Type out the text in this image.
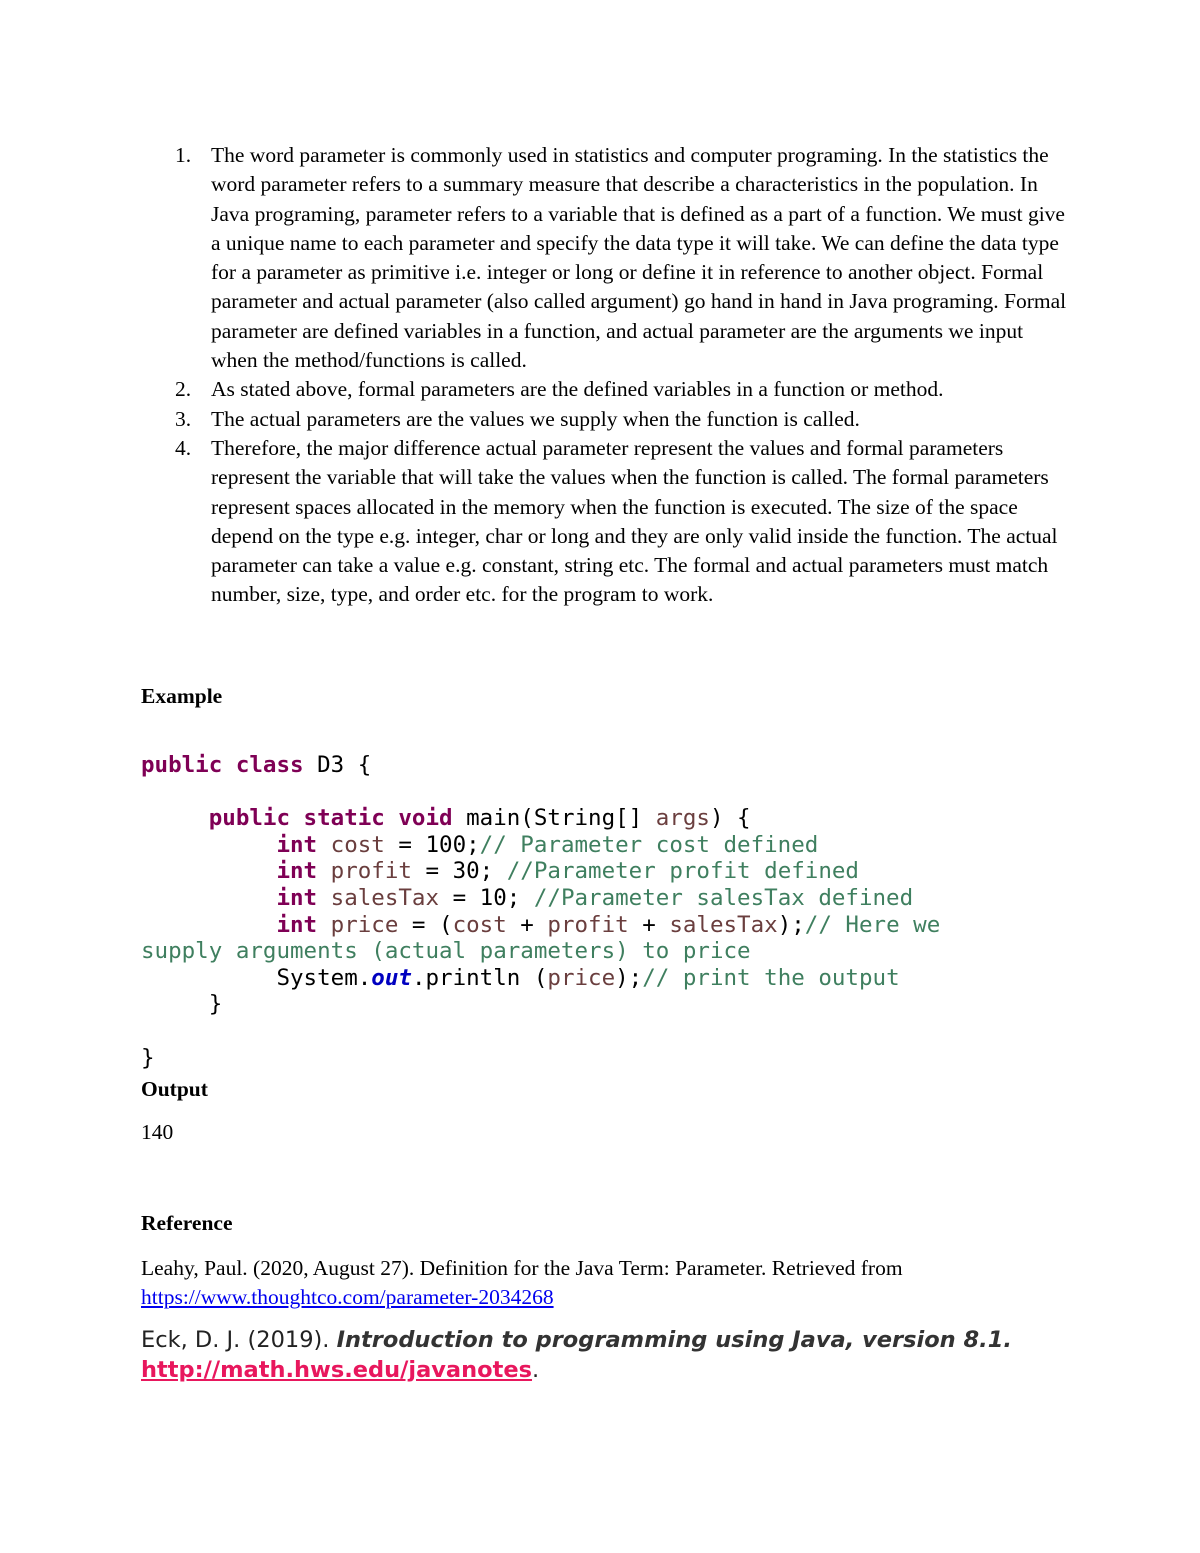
1. The word parameter is commonly used in statistics and computer programing. In the statistics the word parameter refers to a summary measure that describe a characteristics in the population. In Java programing, parameter refers to a variable that is defined as a part of a function. We must give a unique name to each parameter and specify the data type it will take. We can define the data type for a parameter as primitive i.e. integer or long or define it in reference to another object. Formal parameter and actual parameter (also called argument) go hand in hand in Java programing. Formal parameter are defined variables in a function, and actual parameter are the arguments we input when the method/functions is called.
2. As stated above, formal parameters are the defined variables in a function or method.
3. The actual parameters are the values we supply when the function is called.
4. Therefore, the major difference actual parameter represent the values and formal parameters represent the variable that will take the values when the function is called. The formal parameters represent spaces allocated in the memory when the function is executed. The size of the space depend on the type e.g. integer, char or long and they are only valid inside the function. The actual parameter can take a value e.g. constant, string etc. The formal and actual parameters must match number, size, type, and order etc. for the program to work.
Example
public class D3 {
public static void main(String[] args) {
int cost = 100;// Parameter cost defined
int profit = 30; //Parameter profit defined
int salesTax = 10; //Parameter salesTax defined
int price = (cost + profit + salesTax);// Here we
supply arguments (actual parameters) to price
System.out.println (price);// print the output
}
}
Output
140
Reference
Leahy, Paul. (2020, August 27). Definition for the Java Term: Parameter. Retrieved from
https://www.thoughtco.com/parameter-2034268
Eck, D. J. (2019). Introduction to programming using Java, version 8.1. http://math.hws.edu/javanotes.
